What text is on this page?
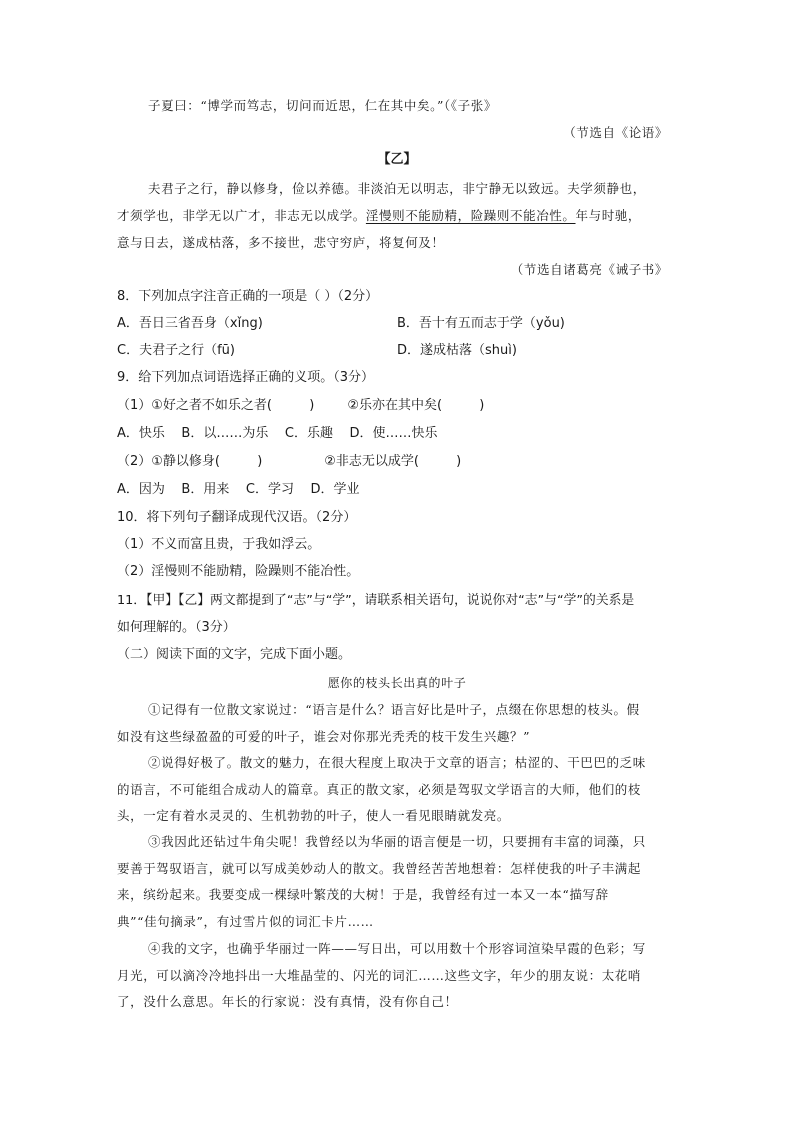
子夏曰：“博学而笃志，切问而近思，仁在其中矣。”（《子张》
（节选自《论语》
【乙】
夫君子之行，静以修身，俭以养德。非淡泊无以明志，非宁静无以致远。夫学须静也，
才须学也，非学无以广才，非志无以成学。淫慢则不能励精，险躁则不能冶性。年与时驰，
意与日去，遂成枯落，多不接世，悲守穷庐，将复何及！
（节选自诸葛亮《诫子书》
8．下列加点字注音正确的一项是（ ）（2分）
A．吾日三省吾身（xǐng)	B．吾十有五而志于学（yǒu)
C．夫君子之行（fū)	D．遂成枯落（shuì)
9．给下列加点词语选择正确的义项。（3分）
（1）①好之者不如乐之者(         )        ②乐亦在其中矣(         )
A．快乐    B．以……为乐    C．乐趣    D．使……快乐
（2）①静以修身(         )               ②非志无以成学(         )
A．因为    B．用来    C．学习    D．学业
10．将下列句子翻译成现代汉语。（2分）
（1）不义而富且贵，于我如浮云。
（2）淫慢则不能励精，险躁则不能冶性。
11．【甲】【乙】两文都提到了“志”与“学”，请联系相关语句，说说你对“志”与“学”的关系是
如何理解的。（3分）
（二）阅读下面的文字，完成下面小题。
愿你的枝头长出真的叶子
①记得有一位散文家说过：“语言是什么？语言好比是叶子，点缀在你思想的枝头。假
如没有这些绿盈盈的可爱的叶子，谁会对你那光秃秃的枝干发生兴趣？”
②说得好极了。散文的魅力，在很大程度上取决于文章的语言；枯涩的、干巴巴的乏味
的语言，不可能组合成动人的篇章。真正的散文家，必须是驾驭文学语言的大师，他们的枝
头，一定有着水灵灵的、生机勃勃的叶子，使人一看见眼睛就发亮。
③我因此还钻过牛角尖呢！我曾经以为华丽的语言便是一切，只要拥有丰富的词藻，只
要善于驾驭语言，就可以写成美妙动人的散文。我曾经苦苦地想着：怎样使我的叶子丰满起
来，缤纷起来。我要变成一棵绿叶繁茂的大树！于是，我曾经有过一本又一本“描写辞
典”“佳句摘录”，有过雪片似的词汇卡片……
④我的文字，也确乎华丽过一阵——写日出，可以用数十个形容词渲染早霞的色彩；写
月光，可以滴冷冷地抖出一大堆晶莹的、闪光的词汇……这些文字，年少的朋友说：太花哨
了，没什么意思。年长的行家说：没有真情，没有你自己！
